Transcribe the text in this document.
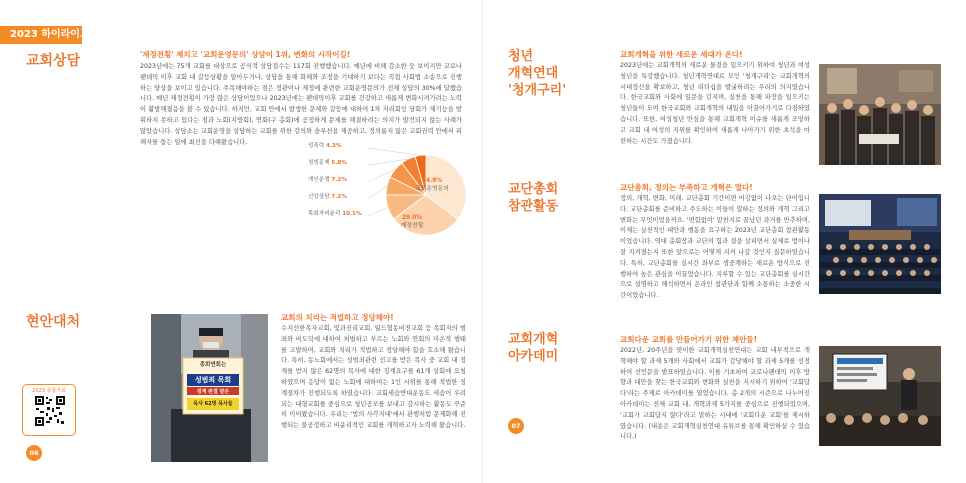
2023 하이라이트
교회상담	'재정전횡' 제치고 '교회운영문의' 상담이 1위, 변화의 시작이길!
2023년에는 75개 교회를 대상으로 공식적 상담접수는 117회 진행했습니다. 예년에 비해 감소한 듯 보이지만 코로나 팬데믹 이후 교회 내 갈등상황을 알아두거나, 상담을 통해 화해와 조정을 기대하기 보다는 직접 사회법 소송으로 진행하는 양상을 보이고 있습니다. 주목해야하는 점은 정관이나 제정에 관련한 교회운영문의가 전체 상담의 30%에 달했습니다. 매년 재정전횡이 가장 많은 상담이었으나 2023년에는 팬데믹이후 교회를 건강하고 새롭게 변화시켜가려는 노력이 활발해졌음을 볼 수 있습니다. 하지만, 교회 안에서 발생한 문제와 갈등에 대하여 1차 지리회인 당회가 제기능을 발휘하지 못하고 있다는 점과 노회(지방회), 연회(구 총회)에 공정하게 문제를 해결하려는 의지가 발견되지 않는 사례가 많았습니다. 상담소는 교회운영을 상담하는 교회를 위한 강의와 솔루션을 제공하고, 정의롭지 않은 교회권력 안에서 피해자를 돕는 일에 최선을 다해왔습니다.
성폭력 4.3%
청빙문제 5.8%
개인분쟁 7.2%
신앙상담 7.2%
목회자비윤리 10.1%
34.8%
교회운영문의
29.0%
재정전횡
현안대처
총회연회는
성범죄 목회
징계 판결 받은
목사 62명 목사들
교회의 치리는 적법하고 정당해야!
수지선한목자교회, 빛과진리교회, 월드협동비전교회 등 목회자의 범죄와 비도덕에 대하여 처벌하고 부르는 노회와 연회의 미온적 행태를 고발하며, 교회와 치리가 적법하고 정당해야 함을 호소해 왔습니다. 특히, 동노회에서는 성범죄관련 선고를 받은 목사 중 교회 내 징계를 받지 않은 62명의 목사에 대한 징계요구를 61개 상회에 요청하였으며 응답이 없는 노회에 대하여는 1인 시위를 통해 적법한 징계절차가 진행되도록 하였습니다. 교회세습반대운동도 세습이 우려되는 대형교회를 중심으로 청년공모를 보내고 감시하는 활동도 꾸준히 이어왔습니다. 우리는 '법의 사각지대'에서 관행처럼 문제화해 진행되는 불공정하고 비윤리적인 교회를 개혁하고자 노력해 왔습니다.
2023 종합자료
06
청년
개혁연대
'청개구리'
교회개혁을 위한 새로운 세대가 온다!
2023년에는 교회개혁의 새로운 물결을 일으키기 위하여 청년과 여성청년을 특강했습니다. 청년개혁연대로 모인 '청개구리'는 교회개혁의 시대정신을 확보하고, 청년 리더십을 발굴하려는 우리의 의지였습니다. 한국교회와 사회에 일문을 던지며, 실천을 통해 파장을 일으키는 청년들이 모여 한국교회와 교회개혁의 내일을 이끌어가기로 다짐하였습니다. 또한, 여성청년 안심을 통해 교회개혁 이슈를 새롭게 조망하고 교회 내 여성의 지위를 확인하여 새롭게 나아가기 위한 초석을 마련하는 시간도 가졌습니다.
교단총회
참관활동
교단총회, 정의는 부족하고 개혁은 멀다!
정의, 개혁, 변화, 미래. 교단총회 기간이면 어김없이 나오는 단어입니다. 교단총회를 준비하고 주도하는 이들이 말하는 정의와 개혁 그리고 변화는 무엇이었을까요. '변함없이' 맡찬지로 끝났던 과거를 반추하며, 이제는 실천적인 대안과 행동을 요구하는 2023년 교단총회 참관활동이었습니다. 역대 총회장과 교단의 힘과 결을 살피면서 실제로 법이나 잘 지켜졌는지 또한 앞으로는 어떻게 지켜 나갈 것인지 질문하였습니다. 특히, 교단총회를 실시간 좌부로 생중계하는 새로운 방식으로 진행하여 높은 관심을 이끌었습니다. 지루할 수 있는 교단총회를 실시간으로 설명하고 해석하면서 온라인 참관단과 함께 소통하는 소중한 시간이었습니다.
교회개혁
아카데미
교회다운 교회를 만들어가기 위한 제안들!
2022년, 20주년을 맞이한 교회개혁실천연대는 교회 내부적으로 개혁해야 할 과제 5개와 사회에서 교회가 감당해야 할 과제 5개를 선정하여 선언문을 발표하였습니다. 이를 기초하여 코로나팬데믹 이후 방향과 대안을 찾는 한국교회와 변화와 실천을 지시하기 위하여 '교회답다'라는 주제로 아카데미를 열었습니다. 총 2개의 시즌으로 나누어진 아카데미는 전체 교회 내, 개혁과제 5가지를 중심으로 진행되었으며, '교회가 교회답지 않다'라고 말하는 시대에 '교회다운 교회'를 제시하였습니다. (내용은 교회개혁실천연대 유튜브를 통해 확인하실 수 있습니다.)
07
